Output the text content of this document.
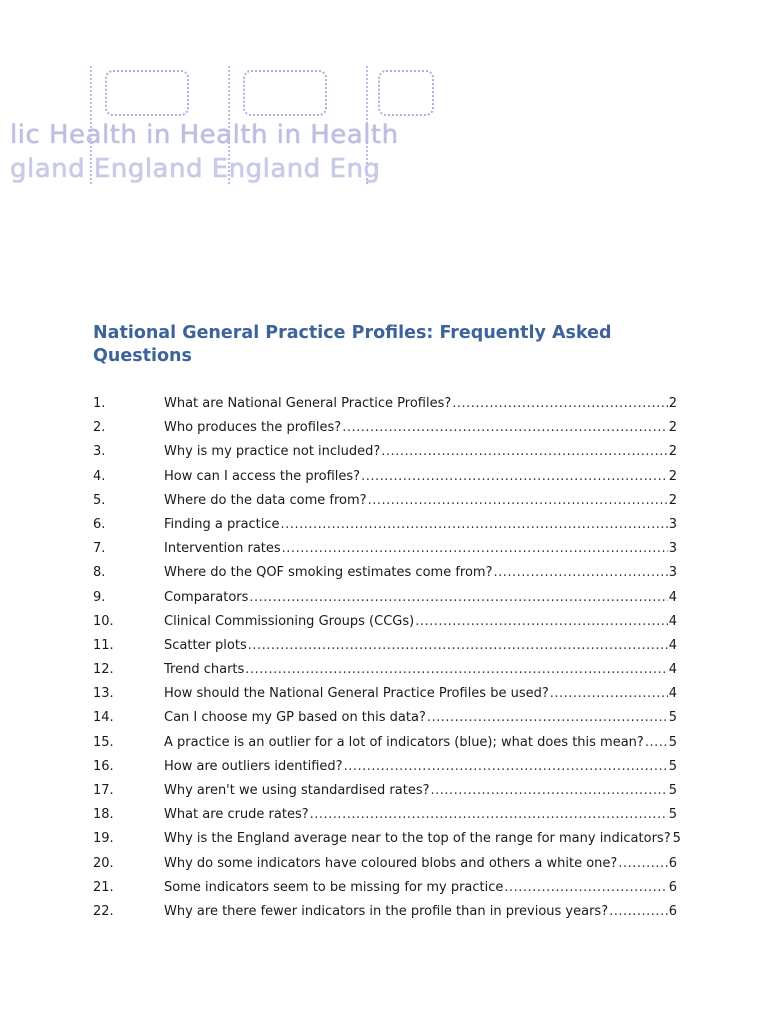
lic Health in Health in Health
gland England England Eng
National General Practice Profiles: Frequently Asked Questions
1.	What are National General Practice Profiles? .....	2
2.	Who produces the profiles? .....	2
3.	Why is my practice not included? .....	2
4.	How can I access the profiles? .....	2
5.	Where do the data come from? .....	2
6.	Finding a practice .....	3
7.	Intervention rates .....	3
8.	Where do the QOF smoking estimates come from? .....	3
9.	Comparators .....	4
10.	Clinical Commissioning Groups (CCGs) .....	4
11.	Scatter plots .....	4
12.	Trend charts .....	4
13.	How should the National General Practice Profiles be used? .....	4
14.	Can I choose my GP based on this data? .....	5
15.	A practice is an outlier for a lot of indicators (blue); what does this mean? ..... 5
16.	How are outliers identified? .....	5
17.	Why aren't we using standardised rates? .....	5
18.	What are crude rates? .....	5
19.	Why is the England average near to the top of the range for many indicators? 5
20.	Why do some indicators have coloured blobs and others a white one? .....	6
21.	Some indicators seem to be missing for my practice .....	6
22.	Why are there fewer indicators in the profile than in previous years? .....	6
